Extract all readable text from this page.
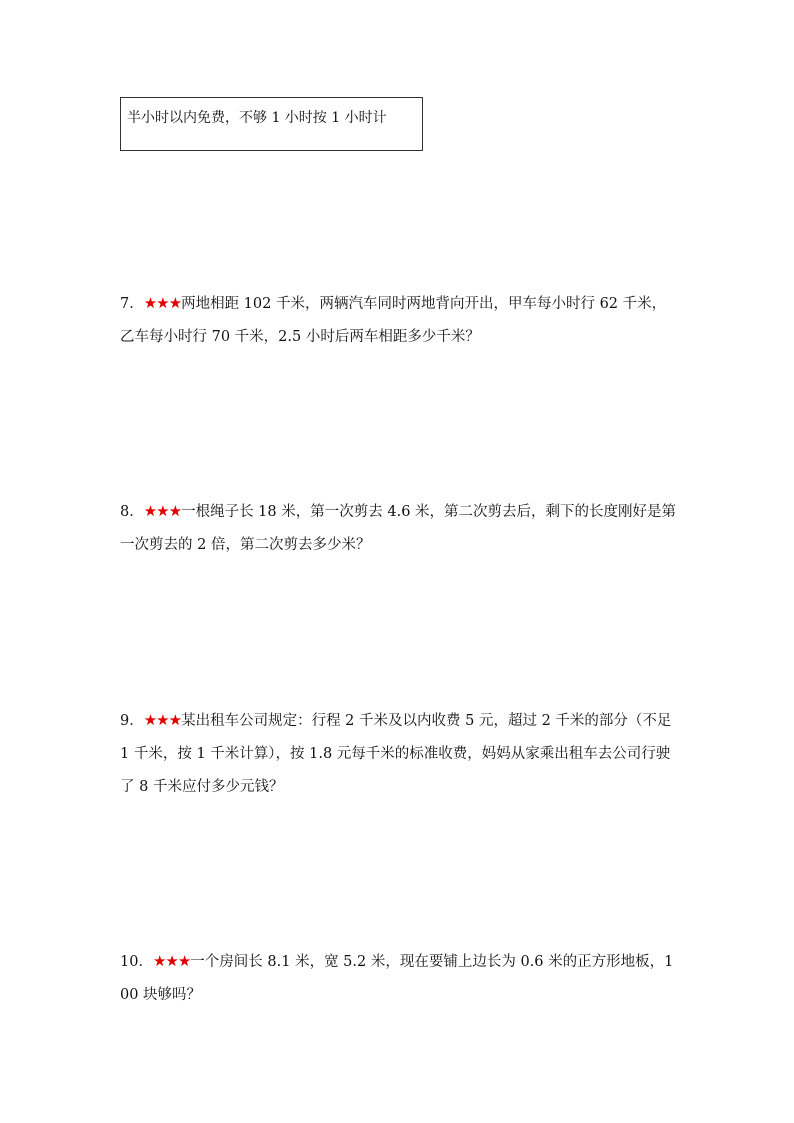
半小时以内免费，不够 1 小时按 1 小时计
7．★★★两地相距 102 千米，两辆汽车同时两地背向开出，甲车每小时行 62 千米，乙车每小时行 70 千米，2.5 小时后两车相距多少千米？
8．★★★一根绳子长 18 米，第一次剪去 4.6 米，第二次剪去后，剩下的长度刚好是第一次剪去的 2 倍，第二次剪去多少米？
9．★★★某出租车公司规定：行程 2 千米及以内收费 5 元，超过 2 千米的部分（不足 1 千米，按 1 千米计算），按 1.8 元每千米的标准收费，妈妈从家乘出租车去公司行驶了 8 千米应付多少元钱？
10．★★★一个房间长 8.1 米，宽 5.2 米，现在要铺上边长为 0.6 米的正方形地板，100 块够吗？
